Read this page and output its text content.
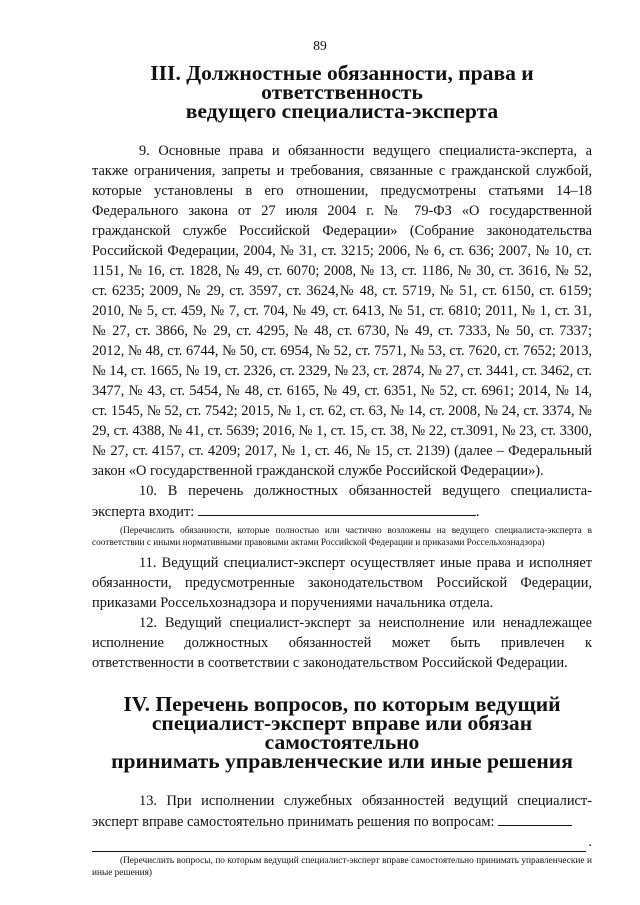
89
III. Должностные обязанности, права и ответственность
ведущего специалиста-эксперта

9. Основные права и обязанности ведущего специалиста-эксперта, а также ограничения, запреты и требования, связанные с гражданской службой, которые установлены в его отношении, предусмотрены статьями 14–18 Федерального закона от 27 июля 2004 г. № 79-ФЗ «О государственной гражданской службе Российской Федерации» (Собрание законодательства Российской Федерации, 2004, № 31, ст. 3215; 2006, № 6, ст. 636; 2007, № 10, ст. 1151, № 16, ст. 1828, № 49, ст. 6070; 2008, № 13, ст. 1186, № 30, ст. 3616, № 52, ст. 6235; 2009, № 29, ст. 3597, ст. 3624,№ 48, ст. 5719, № 51, ст. 6150, ст. 6159; 2010, № 5, ст. 459, № 7, ст. 704, № 49, ст. 6413, № 51, ст. 6810; 2011, № 1, ст. 31, № 27, ст. 3866, № 29, ст. 4295, № 48, ст. 6730, № 49, ст. 7333, № 50, ст. 7337; 2012, № 48, ст. 6744, № 50, ст. 6954, № 52, ст. 7571, № 53, ст. 7620, ст. 7652; 2013, № 14, ст. 1665, № 19, ст. 2326, ст. 2329, № 23, ст. 2874, № 27, ст. 3441, ст. 3462, ст. 3477, № 43, ст. 5454, № 48, ст. 6165, № 49, ст. 6351, № 52, ст. 6961; 2014, № 14, ст. 1545, № 52, ст. 7542; 2015, № 1, ст. 62, ст. 63, № 14, ст. 2008, № 24, ст. 3374, № 29, ст. 4388, № 41, ст. 5639; 2016, № 1, ст. 15, ст. 38, № 22, ст.3091, № 23, ст. 3300, № 27, ст. 4157, ст. 4209; 2017, № 1, ст. 46, № 15, ст. 2139) (далее – Федеральный закон «О государственной гражданской службе Российской Федерации»).

10. В перечень должностных обязанностей ведущего специалиста-эксперта входит:	.

(Перечислить обязанности, которые полностью или частично возложены на ведущего специалиста-эксперта в соответствии с иными нормативными правовыми актами Российской Федерации и приказами Россельхознадзора)

11. Ведущий специалист-эксперт осуществляет иные права и исполняет обязанности, предусмотренные законодательством Российской Федерации, приказами Россельхознадзора и поручениями начальника отдела.

12. Ведущий специалист-эксперт за неисполнение или ненадлежащее исполнение должностных обязанностей может быть привлечен к ответственности в соответствии с законодательством Российской Федерации.

IV. Перечень вопросов, по которым ведущий
специалист-эксперт вправе или обязан самостоятельно
принимать управленческие или иные решения

13. При исполнении служебных обязанностей ведущий специалист-эксперт вправе самостоятельно принимать решения по вопросам:

.
(Перечислить вопросы, по которым ведущий специалист-эксперт вправе самостоятельно принимать управленческие и иные решения)
